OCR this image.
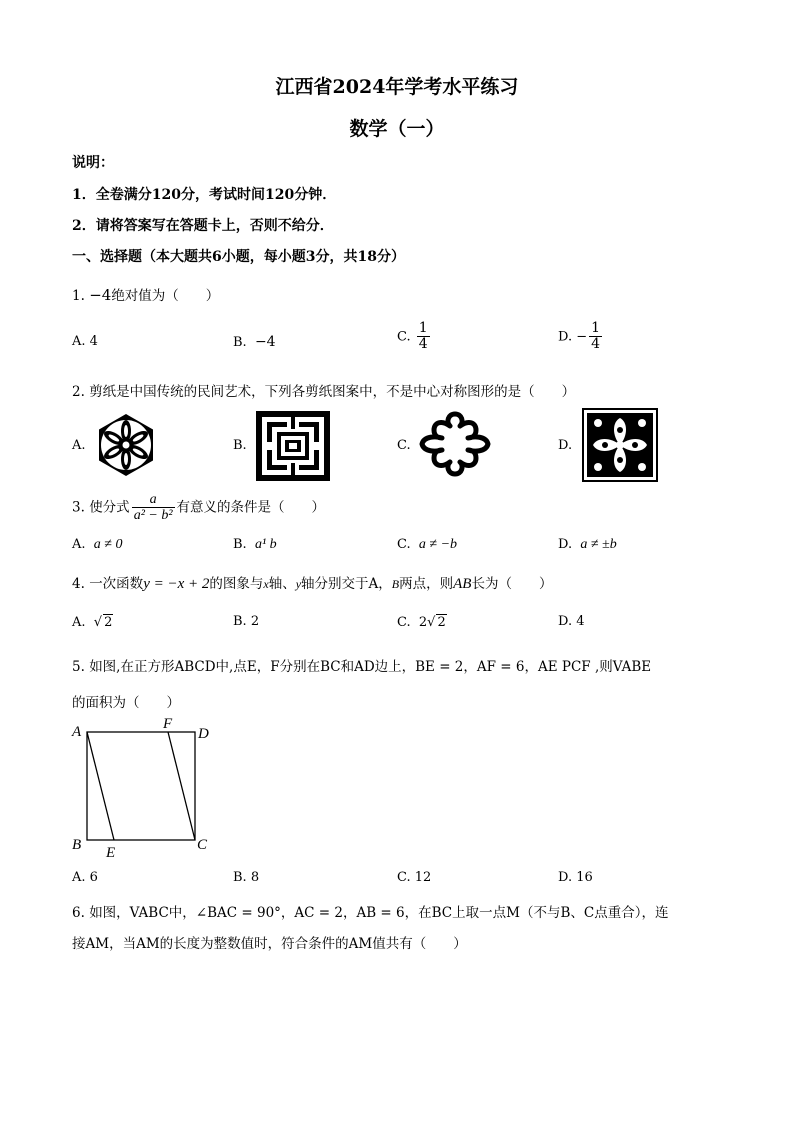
江西省2024年学考水平练习
数学（一）
说明：
1．全卷满分120分，考试时间120分钟．
2．请将答案写在答题卡上，否则不给分．
一、选择题（本大题共6小题，每小题3分，共18分）
1. −4绝对值为（　　）
A. 4	B. −4	C. $\frac{1}{4}$	D. − $\frac{1}{4}$
2. 剪纸是中国传统的民间艺术，下列各剪纸图案中，不是中心对称图形的是（　　）
A.	B.	C.	D.
3. 使分式 $\frac{a}{\text{a² − b²}}$ 有意义的条件是（　　）
A. a ≠ 0	B. a¹ b	C. a ≠ −b	D. a ≠ ±b
4. 一次函数y = −x + 2的图象与x轴、y轴分别交于A，B两点，则AB长为（　　）
A.  √ 2	B. 2	C. 2√ 2	D. 4
5. 如图,在正方形ABCD中,点E，F分别在BC和AD边上，BE = 2，AF = 6，AE PCF ,则VABE
的面积为（　　）
A	D
B	C
E
F
A. 6	B. 8	C. 12	D. 16
6. 如图，VABC中，∠BAC = 90°，AC = 2，AB = 6，在BC上取一点M（不与B、C点重合），连
接AM，当AM的长度为整数值时，符合条件的AM值共有（　　）
